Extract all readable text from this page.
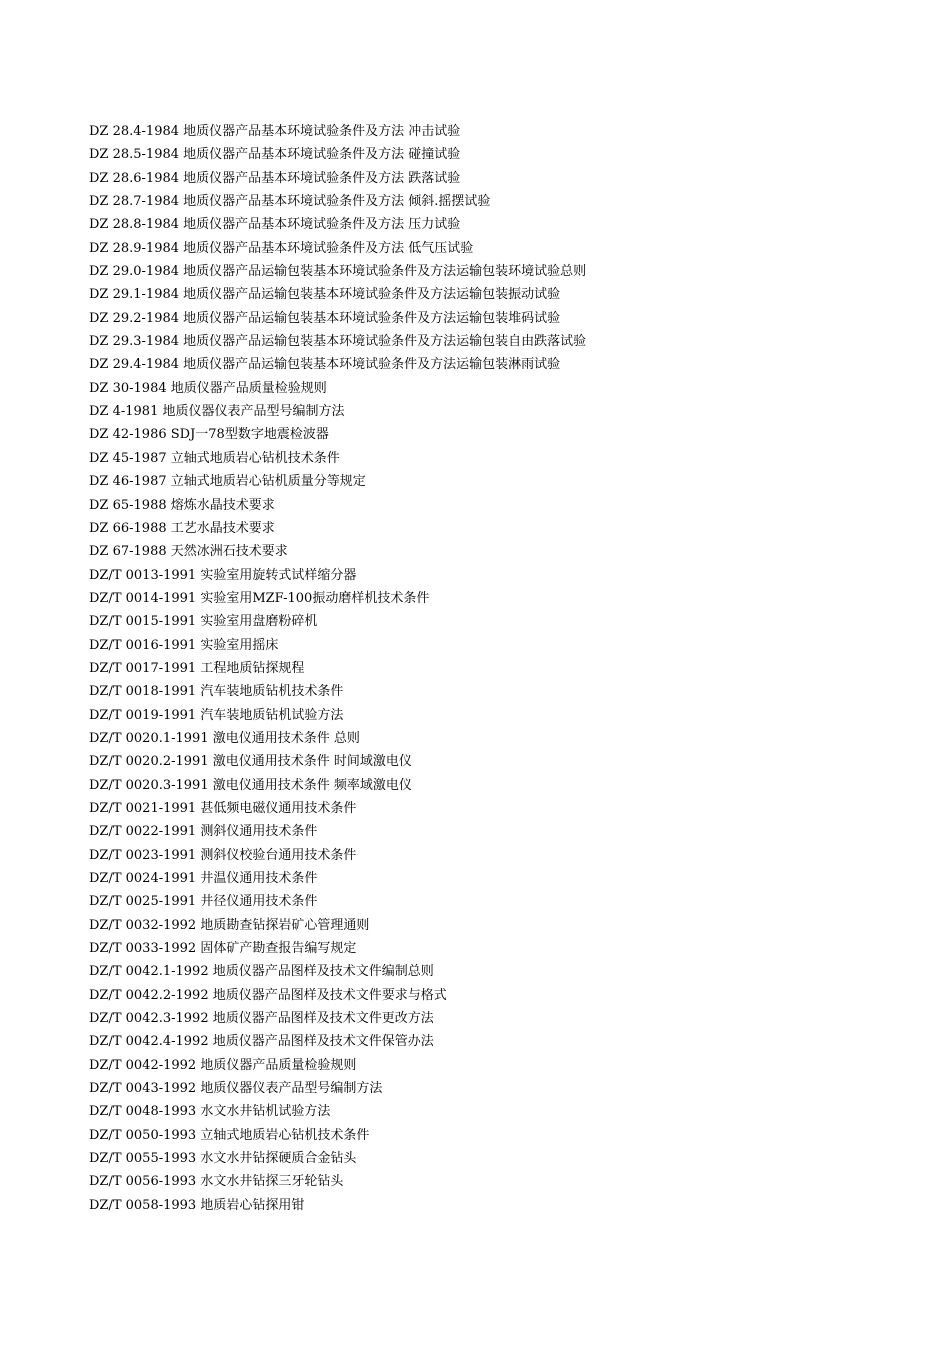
DZ 28.4-1984 地质仪器产品基本环境试验条件及方法 冲击试验
DZ 28.5-1984 地质仪器产品基本环境试验条件及方法 碰撞试验
DZ 28.6-1984 地质仪器产品基本环境试验条件及方法 跌落试验
DZ 28.7-1984 地质仪器产品基本环境试验条件及方法 倾斜.摇摆试验
DZ 28.8-1984 地质仪器产品基本环境试验条件及方法 压力试验
DZ 28.9-1984 地质仪器产品基本环境试验条件及方法 低气压试验
DZ 29.0-1984 地质仪器产品运输包装基本环境试验条件及方法运输包装环境试验总则
DZ 29.1-1984 地质仪器产品运输包装基本环境试验条件及方法运输包装振动试验
DZ 29.2-1984 地质仪器产品运输包装基本环境试验条件及方法运输包装堆码试验
DZ 29.3-1984 地质仪器产品运输包装基本环境试验条件及方法运输包装自由跌落试验
DZ 29.4-1984 地质仪器产品运输包装基本环境试验条件及方法运输包装淋雨试验
DZ 30-1984 地质仪器产品质量检验规则
DZ 4-1981 地质仪器仪表产品型号编制方法
DZ 42-1986 SDJ一78型数字地震检波器
DZ 45-1987 立轴式地质岩心钻机技术条件
DZ 46-1987 立轴式地质岩心钻机质量分等规定
DZ 65-1988 熔炼水晶技术要求
DZ 66-1988 工艺水晶技术要求
DZ 67-1988 天然冰洲石技术要求
DZ/T 0013-1991 实验室用旋转式试样缩分器
DZ/T 0014-1991 实验室用MZF-100振动磨样机技术条件
DZ/T 0015-1991 实验室用盘磨粉碎机
DZ/T 0016-1991 实验室用摇床
DZ/T 0017-1991 工程地质钻探规程
DZ/T 0018-1991 汽车装地质钻机技术条件
DZ/T 0019-1991 汽车装地质钻机试验方法
DZ/T 0020.1-1991 激电仪通用技术条件 总则
DZ/T 0020.2-1991 激电仪通用技术条件 时间域激电仪
DZ/T 0020.3-1991 激电仪通用技术条件 频率域激电仪
DZ/T 0021-1991 甚低频电磁仪通用技术条件
DZ/T 0022-1991 测斜仪通用技术条件
DZ/T 0023-1991 测斜仪校验台通用技术条件
DZ/T 0024-1991 井温仪通用技术条件
DZ/T 0025-1991 井径仪通用技术条件
DZ/T 0032-1992 地质勘查钻探岩矿心管理通则
DZ/T 0033-1992 固体矿产勘查报告编写规定
DZ/T 0042.1-1992 地质仪器产品图样及技术文件编制总则
DZ/T 0042.2-1992 地质仪器产品图样及技术文件要求与格式
DZ/T 0042.3-1992 地质仪器产品图样及技术文件更改方法
DZ/T 0042.4-1992 地质仪器产品图样及技术文件保管办法
DZ/T 0042-1992 地质仪器产品质量检验规则
DZ/T 0043-1992 地质仪器仪表产品型号编制方法
DZ/T 0048-1993 水文水井钻机试验方法
DZ/T 0050-1993 立轴式地质岩心钻机技术条件
DZ/T 0055-1993 水文水井钻探硬质合金钻头
DZ/T 0056-1993 水文水井钻探三牙轮钻头
DZ/T 0058-1993 地质岩心钻探用钳
